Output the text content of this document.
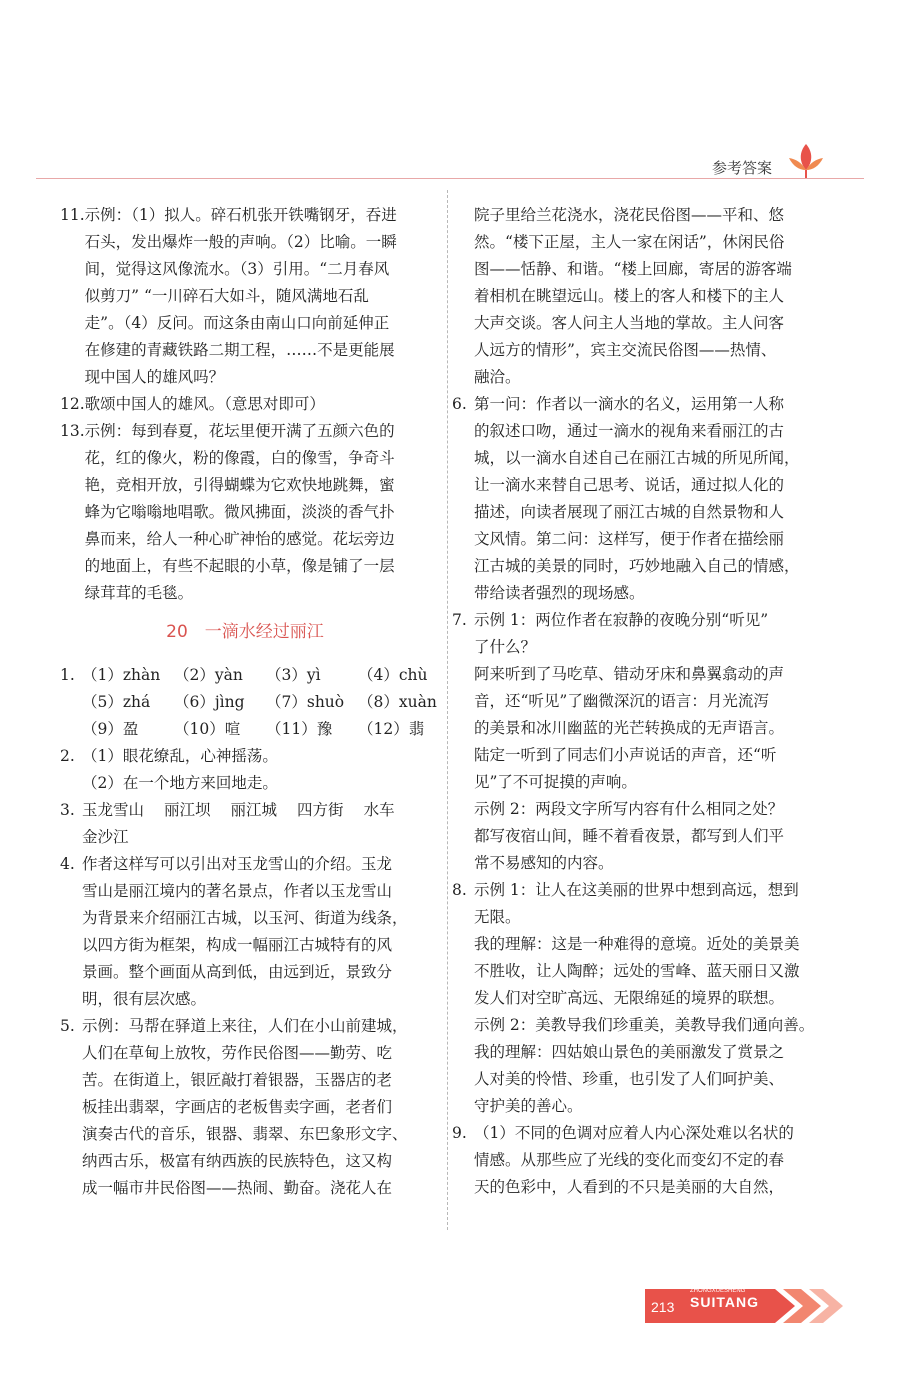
参考答案
11. 示例：（1）拟人。碎石机张开铁嘴钢牙，吞进
石头，发出爆炸一般的声响。（2）比喻。一瞬
间，觉得这风像流水。（3）引用。“二月春风
似剪刀” “一川碎石大如斗，随风满地石乱
走”。（4）反问。而这条由南山口向前延伸正
在修建的青藏铁路二期工程，……不是更能展
现中国人的雄风吗？
12. 歌颂中国人的雄风。（意思对即可）
13. 示例：每到春夏，花坛里便开满了五颜六色的
花，红的像火，粉的像霞，白的像雪，争奇斗
艳，竞相开放，引得蝴蝶为它欢快地跳舞，蜜
蜂为它嗡嗡地唱歌。微风拂面，淡淡的香气扑
鼻而来，给人一种心旷神怡的感觉。花坛旁边
的地面上，有些不起眼的小草，像是铺了一层
绿茸茸的毛毯。
20　一滴水经过丽江
1. （1）zhàn （2）yàn	（3）yì	（4）chù
（5）zhá	（6）jìng	（7）shuò （8）xuàn
（9）盈	（10）喧	（11）豫	（12）翡
2. （1）眼花缭乱，心神摇荡。
（2）在一个地方来回地走。
3. 玉龙雪山 丽江坝 丽江城 四方街 水车
金沙江
4. 作者这样写可以引出对玉龙雪山的介绍。玉龙
雪山是丽江境内的著名景点，作者以玉龙雪山
为背景来介绍丽江古城，以玉河、街道为线条，
以四方街为框架，构成一幅丽江古城特有的风
景画。整个画面从高到低，由远到近，景致分
明，很有层次感。
5. 示例：马帮在驿道上来往，人们在小山前建城，
人们在草甸上放牧，劳作民俗图——勤劳、吃
苦。在街道上，银匠敲打着银器，玉器店的老
板挂出翡翠，字画店的老板售卖字画，老者们
演奏古代的音乐，银器、翡翠、东巴象形文字、
纳西古乐，极富有纳西族的民族特色，这又构
成一幅市井民俗图——热闹、勤奋。浇花人在
院子里给兰花浇水，浇花民俗图——平和、悠
然。“楼下正屋，主人一家在闲话”，休闲民俗
图——恬静、和谐。“楼上回廊，寄居的游客端
着相机在眺望远山。楼上的客人和楼下的主人
大声交谈。客人问主人当地的掌故。主人问客
人远方的情形”，宾主交流民俗图——热情、
融洽。
6. 第一问：作者以一滴水的名义，运用第一人称
的叙述口吻，通过一滴水的视角来看丽江的古
城，以一滴水自述自己在丽江古城的所见所闻，
让一滴水来替自己思考、说话，通过拟人化的
描述，向读者展现了丽江古城的自然景物和人
文风情。第二问：这样写，便于作者在描绘丽
江古城的美景的同时，巧妙地融入自己的情感，
带给读者强烈的现场感。
7. 示例 1：两位作者在寂静的夜晚分别“听见”
了什么？
阿来听到了马吃草、错动牙床和鼻翼翕动的声
音，还“听见”了幽微深沉的语言：月光流泻
的美景和冰川幽蓝的光芒转换成的无声语言。
陆定一听到了同志们小声说话的声音，还“听
见”了不可捉摸的声响。
示例 2：两段文字所写内容有什么相同之处？
都写夜宿山间，睡不着看夜景，都写到人们平
常不易感知的内容。
8. 示例 1：让人在这美丽的世界中想到高远，想到
无限。
我的理解：这是一种难得的意境。近处的美景美
不胜收，让人陶醉；远处的雪峰、蓝天丽日又激
发人们对空旷高远、无限绵延的境界的联想。
示例 2：美教导我们珍重美，美教导我们通向善。
我的理解：四姑娘山景色的美丽激发了赏景之
人对美的怜惜、珍重，也引发了人们呵护美、
守护美的善心。
9. （1）不同的色调对应着人内心深处难以名状的
情感。从那些应了光线的变化而变幻不定的春
天的色彩中，人看到的不只是美丽的大自然，
213
ZHONGXUESHENG
SUITANG
